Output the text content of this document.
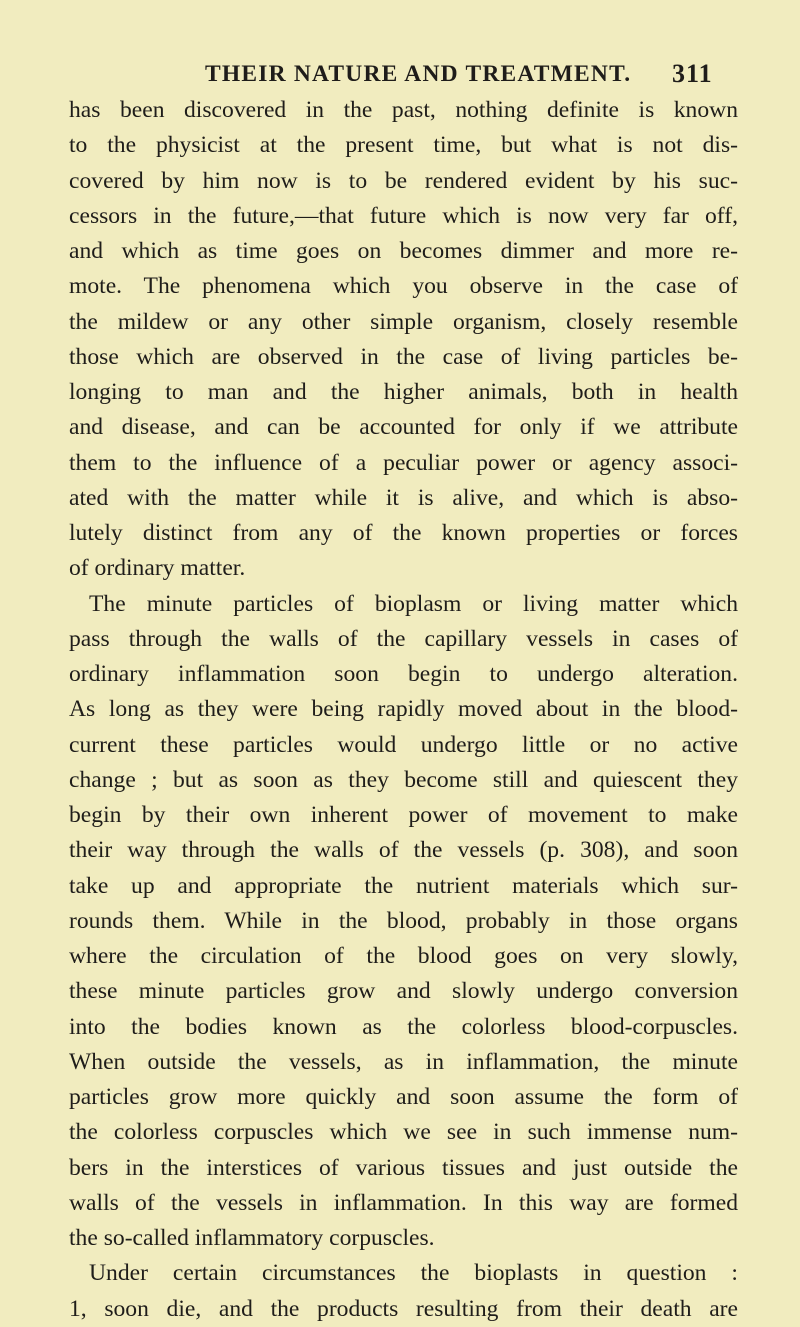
THEIR NATURE AND TREATMENT. 311
has been discovered in the past, nothing definite is known
to the physicist at the present time, but what is not dis-
covered by him now is to be rendered evident by his suc-
cessors in the future,—that future which is now very far off,
and which as time goes on becomes dimmer and more re-
mote. The phenomena which you observe in the case of
the mildew or any other simple organism, closely resemble
those which are observed in the case of living particles be-
longing to man and the higher animals, both in health
and disease, and can be accounted for only if we attribute
them to the influence of a peculiar power or agency associ-
ated with the matter while it is alive, and which is abso-
lutely distinct from any of the known properties or forces
of ordinary matter.
The minute particles of bioplasm or living matter which
pass through the walls of the capillary vessels in cases of
ordinary inflammation soon begin to undergo alteration.
As long as they were being rapidly moved about in the blood-
current these particles would undergo little or no active
change ; but as soon as they become still and quiescent they
begin by their own inherent power of movement to make
their way through the walls of the vessels (p. 308), and soon
take up and appropriate the nutrient materials which sur-
rounds them. While in the blood, probably in those organs
where the circulation of the blood goes on very slowly,
these minute particles grow and slowly undergo conversion
into the bodies known as the colorless blood-corpuscles.
When outside the vessels, as in inflammation, the minute
particles grow more quickly and soon assume the form of
the colorless corpuscles which we see in such immense num-
bers in the interstices of various tissues and just outside the
walls of the vessels in inflammation. In this way are formed
the so-called inflammatory corpuscles.
Under certain circumstances the bioplasts in question :
1, soon die, and the products resulting from their death are
